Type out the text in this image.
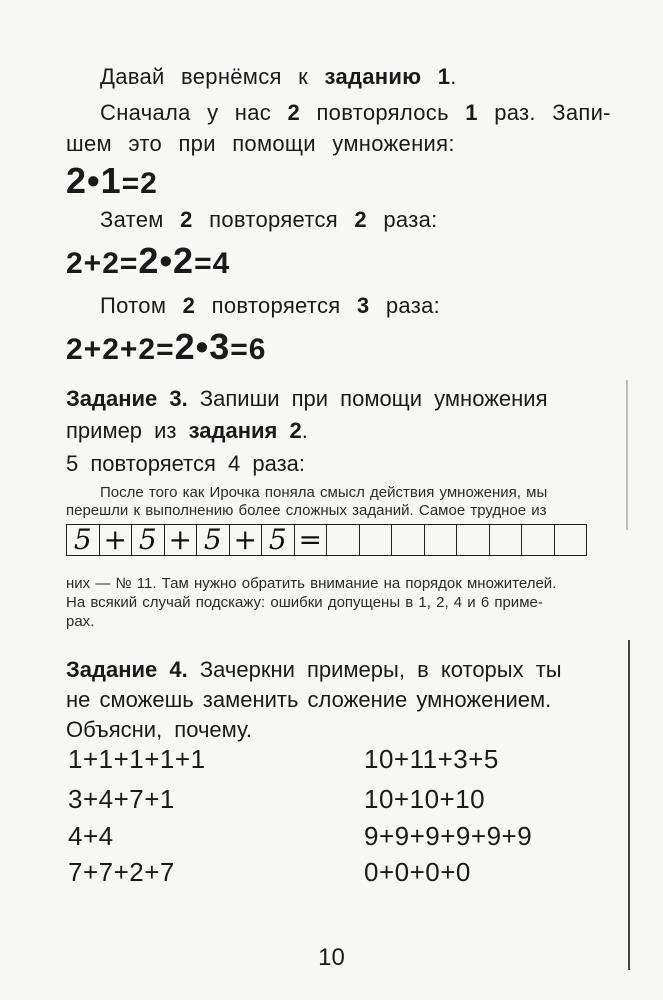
Давай вернёмся к заданию 1.
Сначала у нас 2 повторялось 1 раз. Запи-
шем это при помощи умножения:
2•1=2
Затем 2 повторяется 2 раза:
2+2=2•2=4
Потом 2 повторяется 3 раза:
2+2+2=2•3=6
Задание 3. Запиши при помощи умножения
пример из задания 2.
5 повторяется 4 раза:
После того как Ирочка поняла смысл действия умножения, мы
перешли к выполнению более сложных заданий. Самое трудное из
5 + 5 + 5 + 5 =
них — № 11. Там нужно обратить внимание на порядок множителей.
На всякий случай подскажу: ошибки допущены в 1, 2, 4 и 6 приме-
рах.
Задание 4. Зачеркни примеры, в которых ты
не сможешь заменить сложение умножением.
Объясни, почему.
1+1+1+1+1
3+4+7+1
4+4
7+7+2+7
10+11+3+5
10+10+10
9+9+9+9+9+9
0+0+0+0
10
